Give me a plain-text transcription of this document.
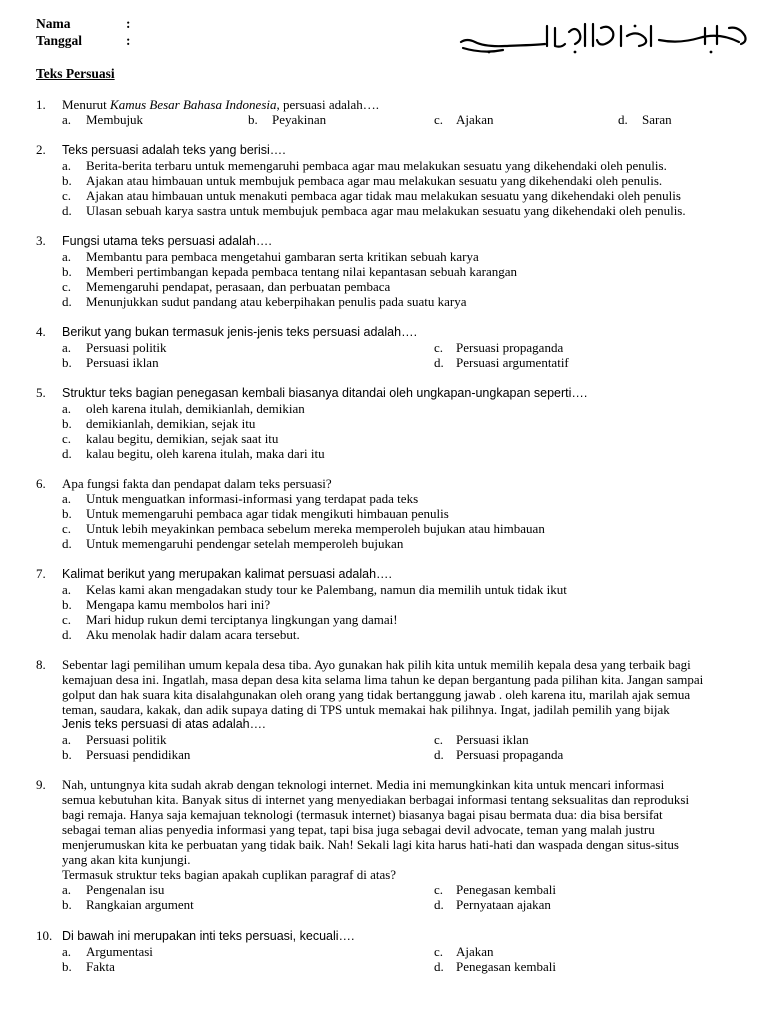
Nama	:
Tanggal	:
Teks Persuasi
1. Menurut Kamus Besar Bahasa Indonesia, persuasi adalah….
a. Membujuk	b. Peyakinan	c. Ajakan	d. Saran
2. Teks persuasi adalah teks yang berisi….
a. Berita-berita terbaru untuk memengaruhi pembaca agar mau melakukan sesuatu yang dikehendaki oleh penulis.
b. Ajakan atau himbauan untuk membujuk pembaca agar mau melakukan sesuatu yang dikehendaki oleh penulis.
c. Ajakan atau himbauan untuk menakuti pembaca agar tidak mau melakukan sesuatu yang dikehendaki oleh penulis
d. Ulasan sebuah karya sastra untuk membujuk pembaca agar mau melakukan sesuatu yang dikehendaki oleh penulis.
3. Fungsi utama teks persuasi adalah….
a. Membantu para pembaca mengetahui gambaran serta kritikan sebuah karya
b. Memberi pertimbangan kepada pembaca tentang nilai kepantasan sebuah karangan
c. Memengaruhi pendapat, perasaan, dan perbuatan pembaca
d. Menunjukkan sudut pandang atau keberpihakan penulis pada suatu karya
4. Berikut yang bukan termasuk jenis-jenis teks persuasi adalah….
a. Persuasi politik	c. Persuasi propaganda
b. Persuasi iklan	d. Persuasi argumentatif
5. Struktur teks bagian penegasan kembali biasanya ditandai oleh ungkapan-ungkapan seperti….
a. oleh karena itulah, demikianlah, demikian
b. demikianlah, demikian, sejak itu
c. kalau begitu, demikian, sejak saat itu
d. kalau begitu, oleh karena itulah, maka dari itu
6. Apa fungsi fakta dan pendapat dalam teks persuasi?
a. Untuk menguatkan informasi-informasi yang terdapat pada teks
b. Untuk memengaruhi pembaca agar tidak mengikuti himbauan penulis
c. Untuk lebih meyakinkan pembaca sebelum mereka memperoleh bujukan atau himbauan
d. Untuk memengaruhi pendengar setelah memperoleh bujukan
7. Kalimat berikut yang merupakan kalimat persuasi adalah….
a. Kelas kami akan mengadakan study tour ke Palembang, namun dia memilih untuk tidak ikut
b. Mengapa kamu membolos hari ini?
c. Mari hidup rukun demi terciptanya lingkungan yang damai!
d. Aku menolak hadir dalam acara tersebut.
8. Sebentar lagi pemilihan umum kepala desa tiba. Ayo gunakan hak pilih kita untuk memilih kepala desa yang terbaik bagi
kemajuan desa ini. Ingatlah, masa depan desa kita selama lima tahun ke depan bergantung pada pilihan kita. Jangan sampai
golput dan hak suara kita disalahgunakan oleh orang yang tidak bertanggung jawab . oleh karena itu, marilah ajak semua
teman, saudara, kakak, dan adik supaya dating di TPS untuk memakai hak pilihnya. Ingat, jadilah pemilih yang bijak
Jenis teks persuasi di atas adalah….
a. Persuasi politik	c. Persuasi iklan
b. Persuasi pendidikan	d. Persuasi propaganda
9. Nah, untungnya kita sudah akrab dengan teknologi internet. Media ini memungkinkan kita untuk mencari informasi
semua kebutuhan kita. Banyak situs di internet yang menyediakan berbagai informasi tentang seksualitas dan reproduksi
bagi remaja. Hanya saja kemajuan teknologi (termasuk internet) biasanya bagai pisau bermata dua: dia bisa bersifat
sebagai teman alias penyedia informasi yang tepat, tapi bisa juga sebagai devil advocate, teman yang malah justru
menjerumuskan kita ke perbuatan yang tidak baik. Nah! Sekali lagi kita harus hati-hati dan waspada dengan situs-situs
yang akan kita kunjungi.
Termasuk struktur teks bagian apakah cuplikan paragraf di atas?
a. Pengenalan isu	c. Penegasan kembali
b. Rangkaian argument	d. Pernyataan ajakan
10. Di bawah ini merupakan inti teks persuasi, kecuali….
a. Argumentasi	c. Ajakan
b. Fakta	d. Penegasan kembali
